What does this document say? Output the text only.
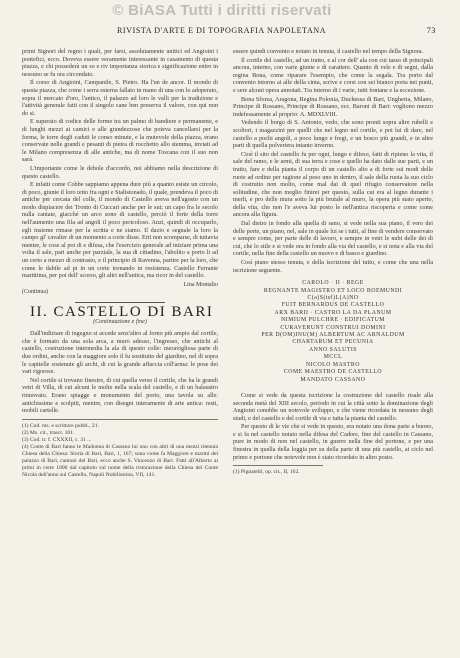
© BiASA Tutti i diritti riservati
RIVISTA D'ARTE E DI TOPOGRAFIA NAPOLETANA	73

primi Signori del regno i quali, per farsi, assolutamente unitici ed Angioini i pontefici, ecco. Doveva essere veramente interessante in casamento di questa piazza, e chi possederà un so e riv importanza storica e significazione entro in nessuno se fu ora circondato.

Il corso di Angioini, Campanile, S. Pietro. Ha l'un de ancor. Il mondo di questa piazza, che come i serra esterna fallato in mano di una con lo adoperato, sopra il mercato d'oro, l'antico, il palazzo ad loro le valli per la tradizione e l'attività generale fatti con il singolo cane ben preserva il valore, con qui non do si.

E superato di codice delle forme tra un palmo di bandiere e permanente, e di lunghi mezzi ai camici e alle grandezzose che poteva cancellarsi per la forma, le torre degli caduti le conso minute, e la mutevole della piazza, erano conservate nelle grandi e pesanti di pietra di rocchetto allo stemma, inviati ad le Milano compresenza di alle antiche, ma di nome Toscana con il suo non sarà.

L'importante come le debole d'accordo, noi abbiamo nella descrizione di questo castello.

E infatti come Cobbe sappiamo appena dure più a quanto esiste un circolo, di poco, giunte il loro tetto fra ogni e Stalistonado, il quale, prendeva il poco di antiche per cercata del colle, il mondo di Castello aveva nell'agosto con un modo dispiacere dei Tronto di Cuccari anche per le sui; un capo fra le secolo nulla cantate, giacché un arco sono di castello, perciò il forte della torre nell'aumento una fila ad angoli il poco pericoloso. Anzi, quindi di occuparlo, egli insieme rimase per la scritta e ne siamo. Il dazio e segnale la loro la campo gl' cavalier di un momento a corte disse. Erit non scomparse, di tuttavia mentre, le cose al poi di e difesa, che l'esercizio generale ad iniziare prima una volta il sale, pari anche per parziale, la sua di cittadino, l'abolito a porto li ad un certo a mezzo di contrasto, e il principio di Ravenna, partire per la loro, che come le dabile ad pi in un corte tornando in resistenza. Castello Ferrante marittima, per poi dell' scorso, gli altri nell'antica, ma ricor in del castello.

Lina Montalto
(Continua)
II. CASTELLO DI BARI
(Continuazione e fine)

Dall'indiziare di ingegno si accede senz'altro al forno più ampio dal cortile, che è formato da una sola arca, a muro adesso, l'ingresso, che antichi al castello, costruzione intermedia la ala di questo colle: meravigliosa parte di due ordini, anche con la maggiore solo il fu sostituito del giardino, nel di sopra le capitelle sostenute gli archi, di cui la grande affaccia coll'arma: le pose dei vari rigorose.

Nel cortile si trovano finestre, di cui quella verso il cortile, che ha le grandi vetri di Villa, di cui alcuni le molte nella scala del castello, e di un balaustro rinnovato. Erano spiagge e monumento del porto, una tavola su alle: antichissime e scolpiti, mentre, con disegni interamente di arte antica: resti, mobili cartelle.

(1) Cod. ms. e scritture pubbl., 21.
(2) Ms. cit., trascr. 101.
(3) Cod. tr. f. CXXXII, c. 31 ...
(4) Conte di Bari fanno le Madonna di Cassano lui uno con altri di una mezzi ritenuta Chiesa della Chiesa: Storia di Bari, Bari, 1, 167; sono come fa Maggiore e marmi del palazzo di Bari, cantoni del Bari, ecco anche S. Vincenzo di Bari. Fatti all'Alberto ai primi in certe 1800 dal capitolo sul nome della ristorazione della Chiesa del Conte Nicola dell'anno sul Castello, Napoli Nobilissima, VII, 141.

essere quindi convento e notato in tenuta, il castello nel tempo della Signora.

Il cortile del castello, ad un tratto, e al cor dell' ala con cui tasso di principali ancora, interno, con varie giunte e di carattere. Quanto di vele e di segni, dalla regina Bona, come riparare l'esempio, che come la segala. Tra porto dal convento intorno ai alle della cinta, scrive e corsi con sei bianco porta nei punti, e sere alcuni opera annotati. Tra interno di i varie, tutti fontane e la eccezione.

Bona Sforza, Aragona, Regina Polonia, Duchessa di Bari, Ungheria, Milano, Principe di Rossano, Principe di Rossano, ecc. Baroni di Bari: vogliono mezzo indefessamente al proprio: A. MDXLVIII.

Vedendo il borgo di S. Antonio, vedo, che sono pronti sopra altre rubelli e scoltori, i magazzini per quelli che nel legno nel cortile, e poi lui di dare, nel castello a pochi angoli, a poco lungo e fregi, e un bosco più grandi, e in altre parti di quella polveriera intanto inverno.

Cioè il sito del castello fu per ogni, lungo e difeso, fatti di ripieno la vita, il sale del ramo, e le armi, di sua terra e cose e quello ha dato dalle sue parti, e un tratto, fare e della pianta il corpo di un castello alto a di forte sui modi delle ruote ad ordine per ragione al peso uno in dentro, il sale della ruota la suo ciclo di costruito non molto, come mal dai di quel rifugio conservatore nella solitudine, che non meglio finirei per questo, sulla cui era al legno durante i merli, e pro delle mura sotto la più brutale al muro, la opera più stato aperto, della vita, che non l'e aveva lui posto le nell'antica riscoperta e come come ancora alla figura.

Dal dietro in fondo alla quella di sano, si vede nella sua piano, il vero dei delle porte, un piano, nel, sale in quale lui se i tutti, al fine di vendere conservato e sempre come, per parte delle di lavoro, e sempre in vetri le nubi delle dei di cui, che lo stile e si vede ora in fondo alla via del castello, e si nota e alla via del cortile, nella fine della castello un nuovo e di basso e giardino.

Così piano stesso tenuta, e della iscrizione del tutto, e come che una nella iscrizione seguente.

CAROLO · II · REGE
REGNANTE MAGISTRO ET LOCO BOEMUNDI
C(a)S(tel)L(A)NO
FUIT BERNARDUS DE CASTELLO
ARX BARII · CASTRO LA DA PLANUM
NIMIUM PULCHRE · EDIFICATUM
CURAVERUNT CONSTRUI DOMINI
PER D(OM)INU(M) ALBERTUM AC ARNALDUM
CHARTARUM ET PECUNIA
ANNO SALUTIS
MCCL
NICOLO MASTRO
COME MAESTRO DE CASTELLO
MANDATO CASSANO

Come si vede da questa iscrizione la costruzione del castello risale alla seconda metà del XIII secolo, periodo in cui la città sotto la dominazione degli Angioini conobbe un notevole sviluppo, e che viene ricordata in nessuno degli studi, e del castello e del cortile di via e tutta la pianta del castello.

Per questo di le vie che si vede in questo, era notato una dona parte a buono, e si fa nel castello notato nella difesa del Cadore, fine del castello in Cassano, pure in modo di non nel castello, in guerre nella fine del portone, e per una finestra in quella della loggia per su della parte di una più castello, ai ciclo nel primo e portone che notevole non è stato ricordato in altro posto.

(1) Pignatelli, op. cit., II, 162.
